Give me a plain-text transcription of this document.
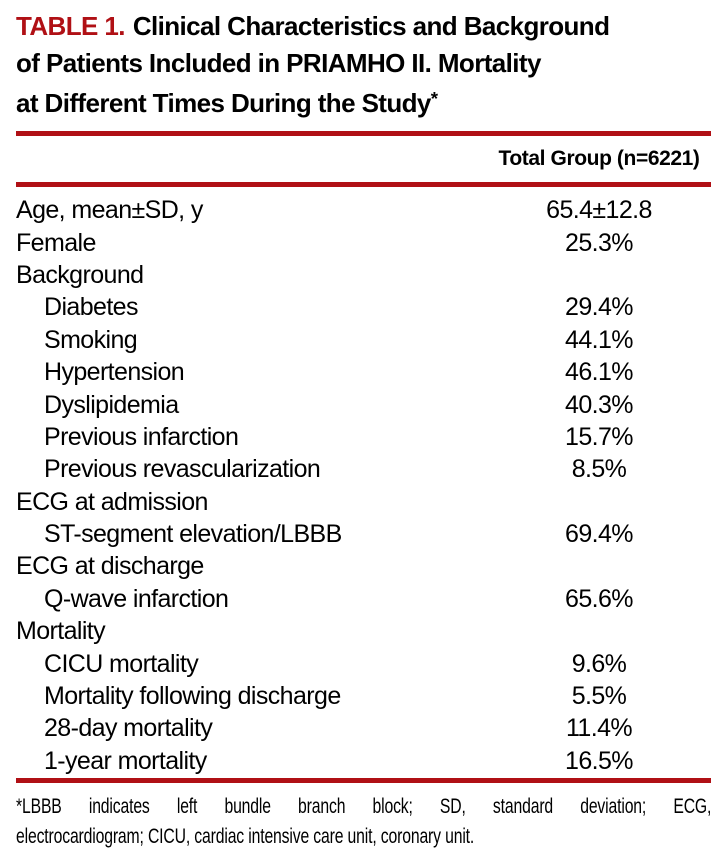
TABLE 1. Clinical Characteristics and Background
of Patients Included in PRIAMHO II. Mortality
at Different Times During the Study*
Total Group (n=6221)
Age, mean±SD, y	65.4±12.8
Female	25.3%
Background
Diabetes	29.4%
Smoking	44.1%
Hypertension	46.1%
Dyslipidemia	40.3%
Previous infarction	15.7%
Previous revascularization	8.5%
ECG at admission
ST-segment elevation/LBBB	69.4%
ECG at discharge
Q-wave infarction	65.6%
Mortality
CICU mortality	9.6%
Mortality following discharge	5.5%
28-day mortality	11.4%
1-year mortality	16.5%
*LBBB indicates left bundle branch block; SD, standard deviation; ECG,
electrocardiogram; CICU, cardiac intensive care unit, coronary unit.
